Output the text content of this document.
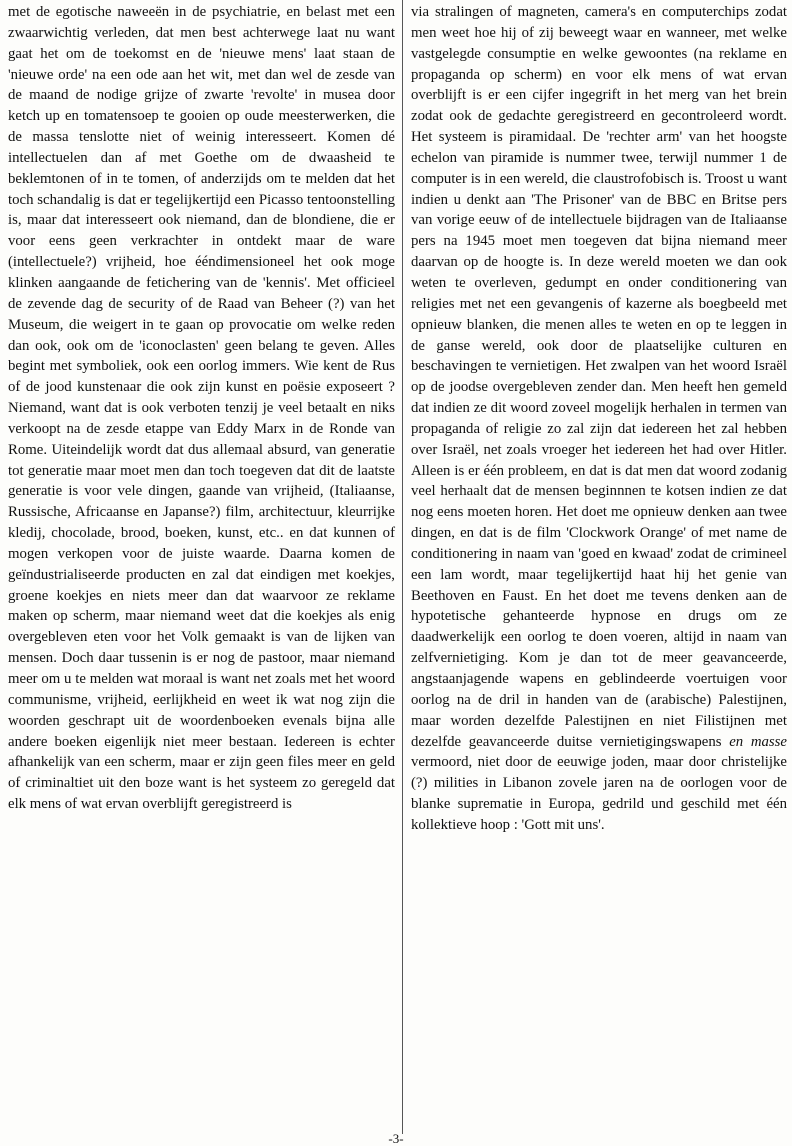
met de egotische naweeën in de psychiatrie, en belast met een zwaarwichtig verleden, dat men best achterwege laat nu want gaat het om de toekomst en de 'nieuwe mens' laat staan de 'nieuwe orde' na een ode aan het wit, met dan wel de zesde van de maand de nodige grijze of zwarte 'revolte' in musea door ketch up en tomatensoep te gooien op oude meesterwerken, die de massa tenslotte niet of weinig interesseert. Komen dé intellectuelen dan af met Goethe om de dwaasheid te beklemtonen of in te tomen, of anderzijds om te melden dat het toch schandalig is dat er tegelijkertijd een Picasso tentoonstelling is, maar dat interesseert ook niemand, dan de blondiene, die er voor eens geen verkrachter in ontdekt maar de ware (intellectuele?) vrijheid, hoe ééndimensioneel het ook moge klinken aangaande de fetichering van de 'kennis'. Met officieel de zevende dag de security of de Raad van Beheer (?) van het Museum, die weigert in te gaan op provocatie om welke reden dan ook, ook om de 'iconoclasten' geen belang te geven. Alles begint met symboliek, ook een oorlog immers. Wie kent de Rus of de jood kunstenaar die ook zijn kunst en poësie exposeert ? Niemand, want dat is ook verboten tenzij je veel betaalt en niks verkoopt na de zesde etappe van Eddy Marx in de Ronde van Rome. Uiteindelijk wordt dat dus allemaal absurd, van generatie tot generatie maar moet men dan toch toegeven dat dit de laatste generatie is voor vele dingen, gaande van vrijheid, (Italiaanse, Russische, Africaanse en Japanse?) film, architectuur, kleurrijke kledij, chocolade, brood, boeken, kunst, etc.. en dat kunnen of mogen verkopen voor de juiste waarde. Daarna komen de geïndustrialiseerde producten en zal dat eindigen met koekjes, groene koekjes en niets meer dan dat waarvoor ze reklame maken op scherm, maar niemand weet dat die koekjes als enig overgebleven eten voor het Volk gemaakt is van de lijken van mensen. Doch daar tussenin is er nog de pastoor, maar niemand meer om u te melden wat moraal is want net zoals met het woord communisme, vrijheid, eerlijkheid en weet ik wat nog zijn die woorden geschrapt uit de woordenboeken evenals bijna alle andere boeken eigenlijk niet meer bestaan. Iedereen is echter afhankelijk van een scherm, maar er zijn geen files meer en geld of criminaltiet uit den boze want is het systeem zo geregeld dat elk mens of wat ervan overblijft geregistreerd is

via stralingen of magneten, camera's en computerchips zodat men weet hoe hij of zij beweegt waar en wanneer, met welke vastgelegde consumptie en welke gewoontes (na reklame en propaganda op scherm) en voor elk mens of wat ervan overblijft is er een cijfer ingegrift in het merg van het brein zodat ook de gedachte geregistreerd en gecontroleerd wordt. Het systeem is piramidaal. De 'rechter arm' van het hoogste echelon van piramide is nummer twee, terwijl nummer 1 de computer is in een wereld, die claustrofobisch is. Troost u want indien u denkt aan 'The Prisoner' van de BBC en Britse pers van vorige eeuw of de intellectuele bijdragen van de Italiaanse pers na 1945 moet men toegeven dat bijna niemand meer daarvan op de hoogte is. In deze wereld moeten we dan ook weten te overleven, gedumpt en onder conditionering van religies met net een gevangenis of kazerne als boegbeeld met opnieuw blanken, die menen alles te weten en op te leggen in de ganse wereld, ook door de plaatselijke culturen en beschavingen te vernietigen. Het zwalpen van het woord Israël op de joodse overgebleven zender dan. Men heeft hen gemeld dat indien ze dit woord zoveel mogelijk herhalen in termen van propaganda of religie zo zal zijn dat iedereen het zal hebben over Israël, net zoals vroeger het iedereen het had over Hitler. Alleen is er één probleem, en dat is dat men dat woord zodanig veel herhaalt dat de mensen beginnnen te kotsen indien ze dat nog eens moeten horen. Het doet me opnieuw denken aan twee dingen, en dat is de film 'Clockwork Orange' of met name de conditionering in naam van 'goed en kwaad' zodat de crimineel een lam wordt, maar tegelijkertijd haat hij het genie van Beethoven en Faust. En het doet me tevens denken aan de hypotetische gehanteerde hypnose en drugs om ze daadwerkelijk een oorlog te doen voeren, altijd in naam van zelfvernietiging. Kom je dan tot de meer geavanceerde, angstaanjagende wapens en geblindeerde voertuigen voor oorlog na de dril in handen van de (arabische) Palestijnen, maar worden dezelfde Palestijnen en niet Filistijnen met dezelfde geavanceerde duitse vernietigingswapens en masse vermoord, niet door de eeuwige joden, maar door christelijke (?) milities in Libanon zovele jaren na de oorlogen voor de blanke suprematie in Europa, gedrild und geschild met één kollektieve hoop : 'Gott mit uns'.

-3-
